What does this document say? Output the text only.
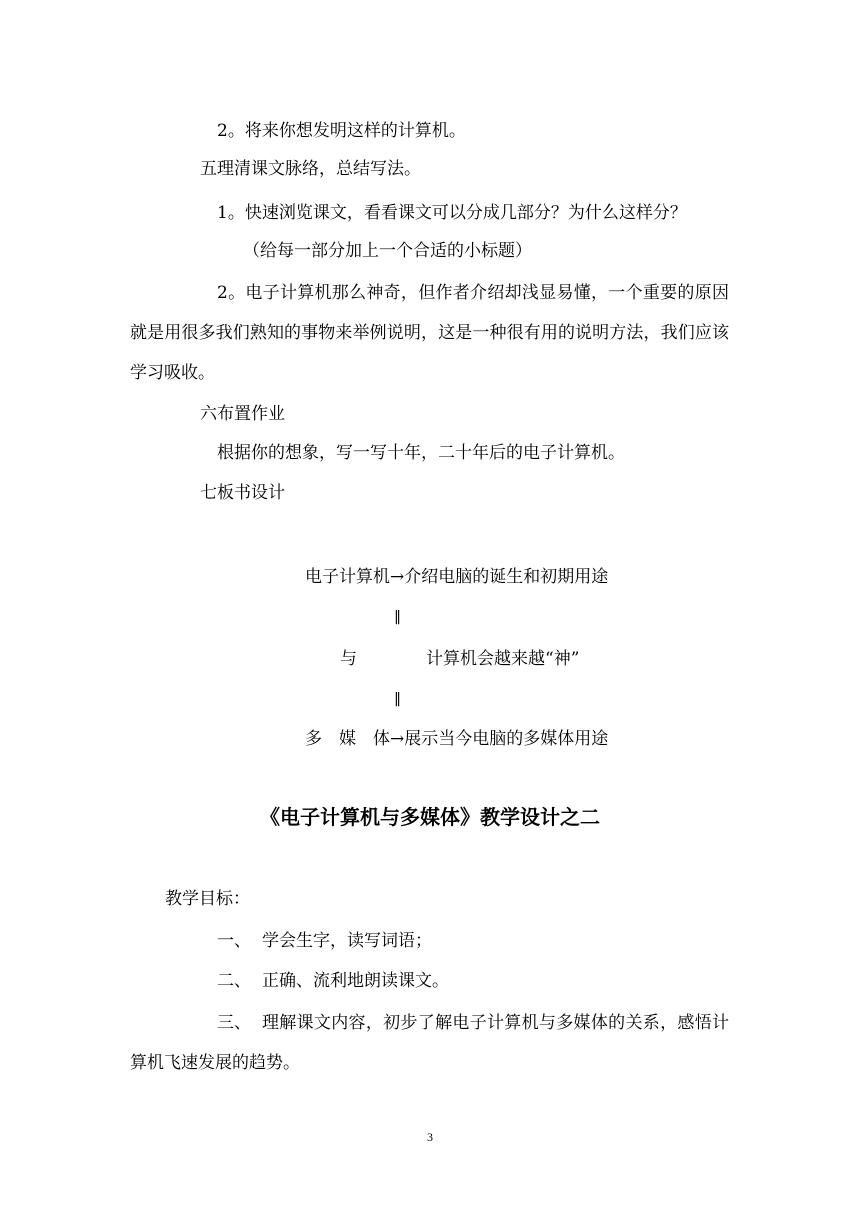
2。将来你想发明这样的计算机。
五理清课文脉络，总结写法。
1。快速浏览课文，看看课文可以分成几部分？为什么这样分？
（给每一部分加上一个合适的小标题）
2。电子计算机那么神奇，但作者介绍却浅显易懂，一个重要的原因
就是用很多我们熟知的事物来举例说明，这是一种很有用的说明方法，我们应该
学习吸收。
六布置作业
根据你的想象，写一写十年，二十年后的电子计算机。
七板书设计
电子计算机→介绍电脑的诞生和初期用途
‖
与	计算机会越来越“神”
‖
多 媒 体→展示当今电脑的多媒体用途
《电子计算机与多媒体》教学设计之二
教学目标：
一、 学会生字，读写词语；
二、 正确、流利地朗读课文。
三、 理解课文内容，初步了解电子计算机与多媒体的关系，感悟计
算机飞速发展的趋势。
3
